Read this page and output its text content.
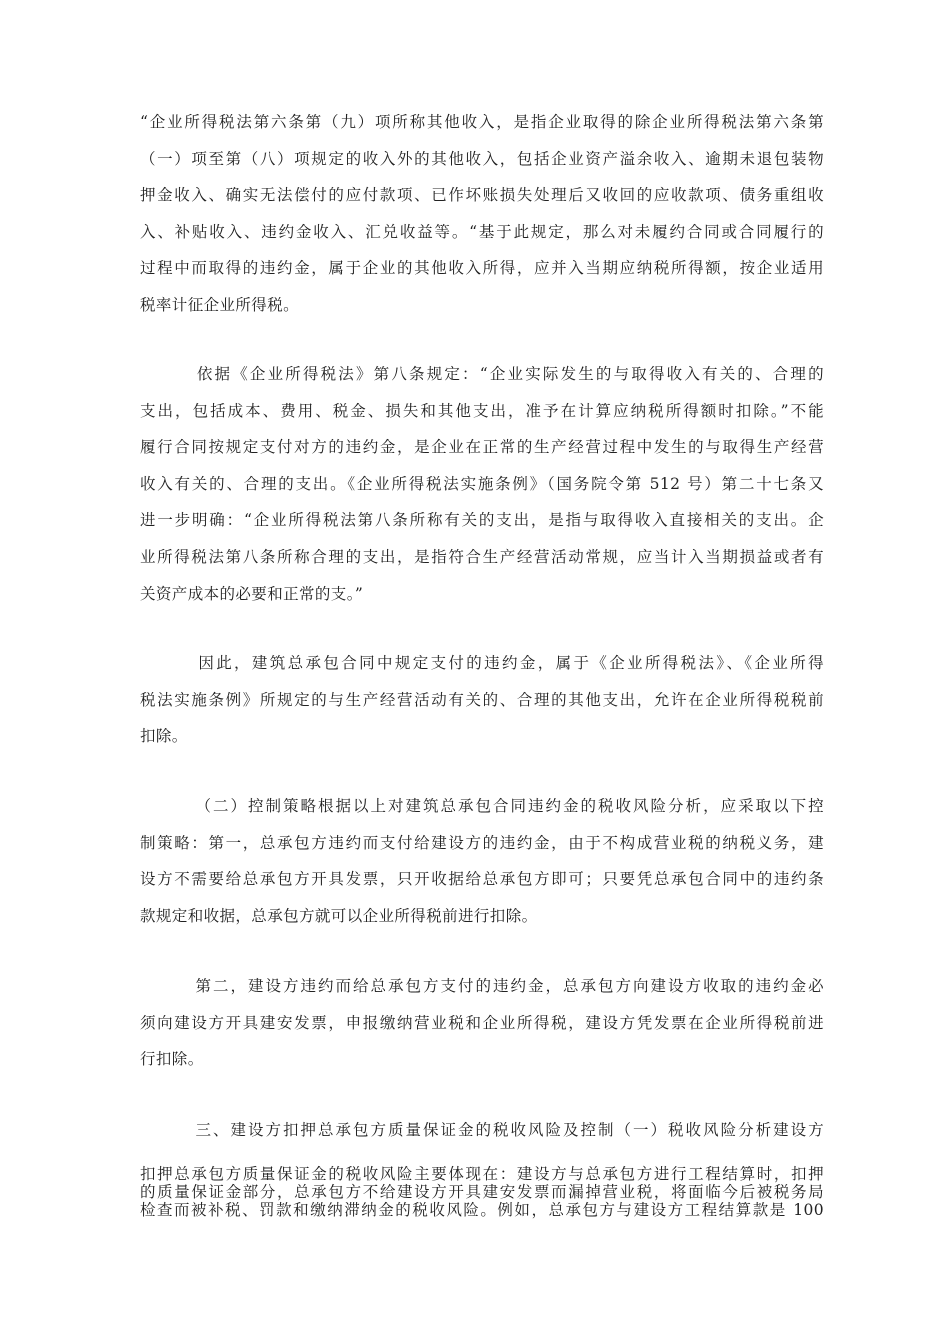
“企业所得税法第六条第（九）项所称其他收入，是指企业取得的除企业所得税法第六条第
（一）项至第（八）项规定的收入外的其他收入，包括企业资产溢余收入、逾期未退包装物
押金收入、确实无法偿付的应付款项、已作坏账损失处理后又收回的应收款项、债务重组收
入、补贴收入、违约金收入、汇兑收益等。“基于此规定，那么对未履约合同或合同履行的
过程中而取得的违约金，属于企业的其他收入所得，应并入当期应纳税所得额，按企业适用
税率计征企业所得税。
依据《企业所得税法》第八条规定：“企业实际发生的与取得收入有关的、合理的
支出，包括成本、费用、税金、损失和其他支出，准予在计算应纳税所得额时扣除。”不能
履行合同按规定支付对方的违约金，是企业在正常的生产经营过程中发生的与取得生产经营
收入有关的、合理的支出。《企业所得税法实施条例》（国务院令第 512 号）第二十七条又
进一步明确：“企业所得税法第八条所称有关的支出，是指与取得收入直接相关的支出。企
业所得税法第八条所称合理的支出，是指符合生产经营活动常规，应当计入当期损益或者有
关资产成本的必要和正常的支。”
因此，建筑总承包合同中规定支付的违约金，属于《企业所得税法》、《企业所得
税法实施条例》所规定的与生产经营活动有关的、合理的其他支出，允许在企业所得税税前
扣除。
（二）控制策略根据以上对建筑总承包合同违约金的税收风险分析，应采取以下控
制策略：第一，总承包方违约而支付给建设方的违约金，由于不构成营业税的纳税义务，建
设方不需要给总承包方开具发票，只开收据给总承包方即可；只要凭总承包合同中的违约条
款规定和收据，总承包方就可以企业所得税前进行扣除。
第二，建设方违约而给总承包方支付的违约金，总承包方向建设方收取的违约金必
须向建设方开具建安发票，申报缴纳营业税和企业所得税，建设方凭发票在企业所得税前进
行扣除。
三、建设方扣押总承包方质量保证金的税收风险及控制（一）税收风险分析建设方
扣押总承包方质量保证金的税收风险主要体现在：建设方与总承包方进行工程结算时，扣押
的质量保证金部分，总承包方不给建设方开具建安发票而漏掉营业税，将面临今后被税务局
检查而被补税、罚款和缴纳滞纳金的税收风险。例如，总承包方与建设方工程结算款是 100
